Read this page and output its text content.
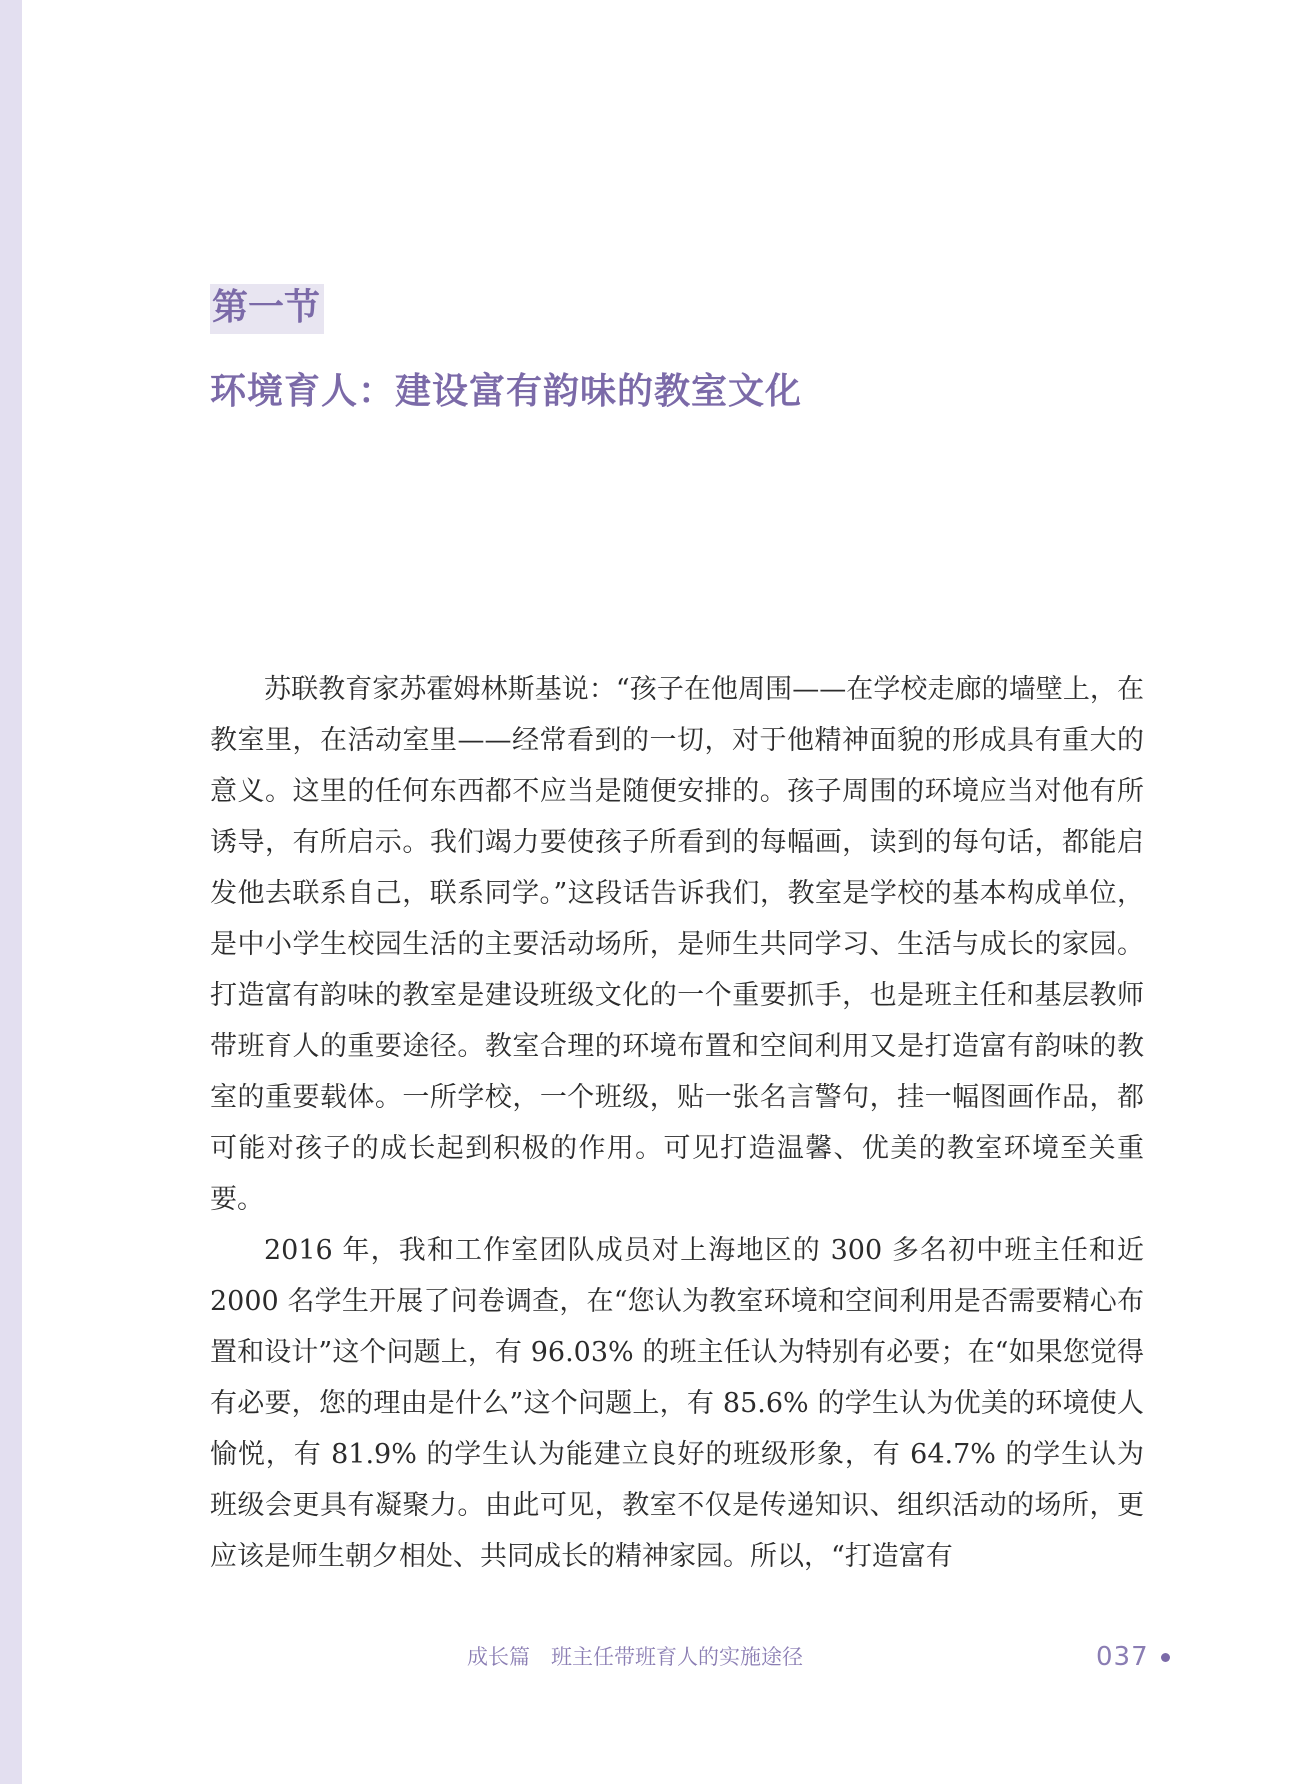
第一节
环境育人：建设富有韵味的教室文化

苏联教育家苏霍姆林斯基说：“孩子在他周围——在学校走廊的墙壁上，在教室里，在活动室里——经常看到的一切，对于他精神面貌的形成具有重大的意义。这里的任何东西都不应当是随便安排的。孩子周围的环境应当对他有所诱导，有所启示。我们竭力要使孩子所看到的每幅画，读到的每句话，都能启发他去联系自己，联系同学。”这段话告诉我们，教室是学校的基本构成单位，是中小学生校园生活的主要活动场所，是师生共同学习、生活与成长的家园。打造富有韵味的教室是建设班级文化的一个重要抓手，也是班主任和基层教师带班育人的重要途径。教室合理的环境布置和空间利用又是打造富有韵味的教室的重要载体。一所学校，一个班级，贴一张名言警句，挂一幅图画作品，都可能对孩子的成长起到积极的作用。可见打造温馨、优美的教室环境至关重要。

2016 年，我和工作室团队成员对上海地区的 300 多名初中班主任和近 2000 名学生开展了问卷调查，在“您认为教室环境和空间利用是否需要精心布置和设计”这个问题上，有 96.03% 的班主任认为特别有必要；在“如果您觉得有必要，您的理由是什么”这个问题上，有 85.6% 的学生认为优美的环境使人愉悦，有 81.9% 的学生认为能建立良好的班级形象，有 64.7% 的学生认为班级会更具有凝聚力。由此可见，教室不仅是传递知识、组织活动的场所，更应该是师生朝夕相处、共同成长的精神家园。所以，“打造富有

成长篇　班主任带班育人的实施途径	037
